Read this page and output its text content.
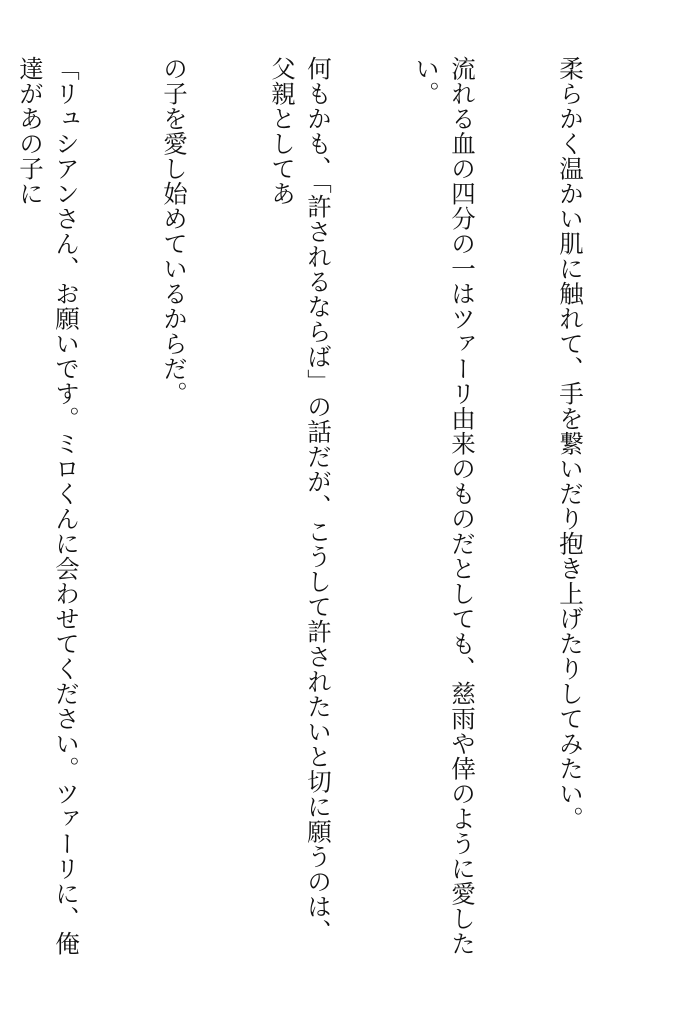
柔らかく温かい肌に触れて、手を繋いだり抱き上げたりしてみたい。

流れる血の四分の一はツァーリ由来のものだとしても、慈雨や倖のように愛したい。

何もかも、「許されるならば」の話だが、こうして許されたいと切に願うのは、父親としてあ

の子を愛し始めているからだ。

「リュシアンさん、お願いです。ミロくんに会わせてください。ツァーリに、俺達があの子に
